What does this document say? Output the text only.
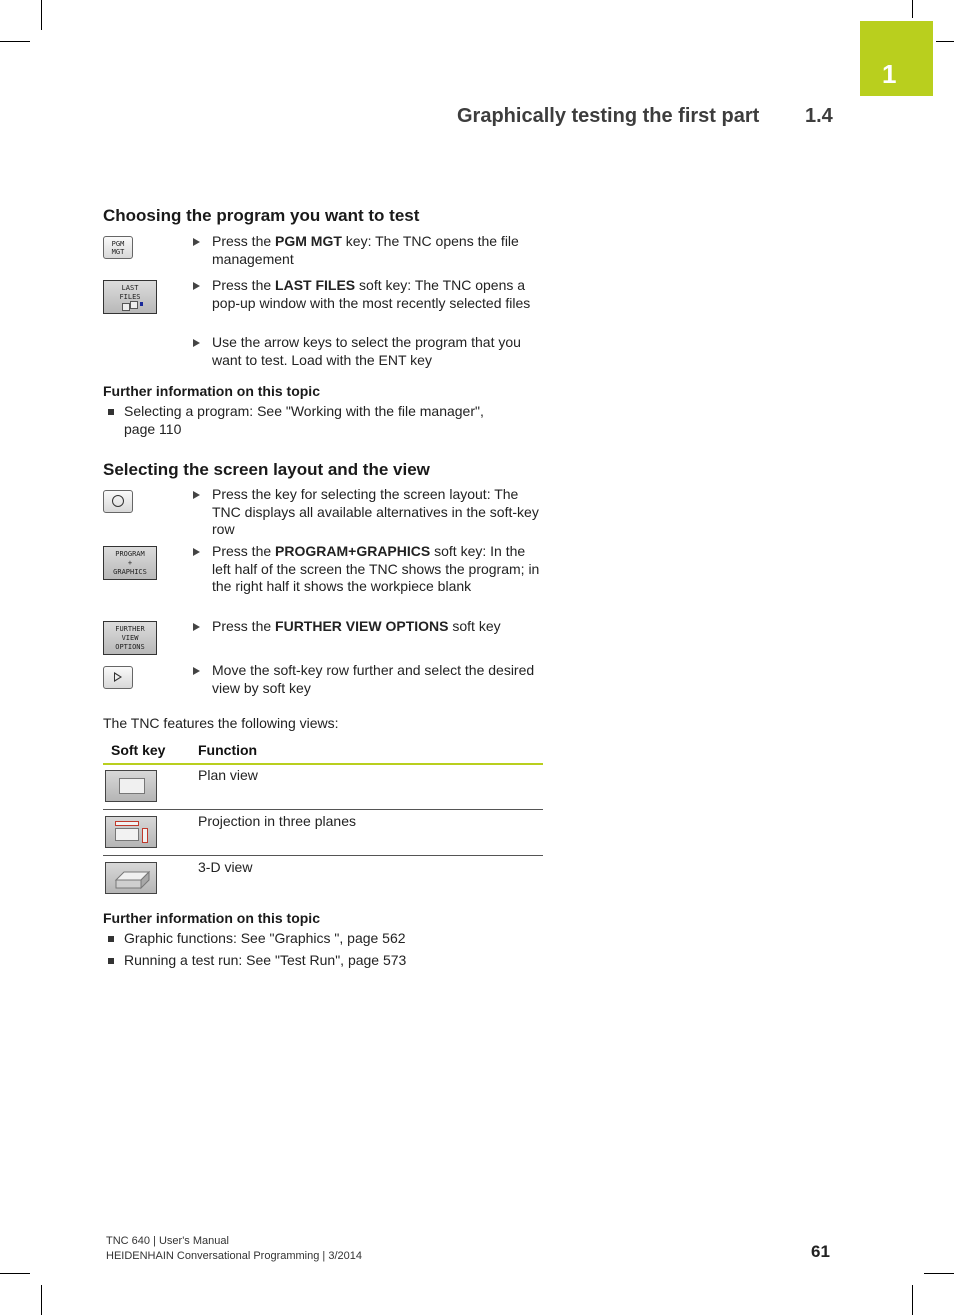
1
Graphically testing the first part 1.4
Choosing the program you want to test
PGM
MGT
Press the PGM MGT key: The TNC opens the file management
LAST
FILES
Press the LAST FILES soft key: The TNC opens a pop-up window with the most recently selected files
Use the arrow keys to select the program that you want to test. Load with the ENT key
Further information on this topic
Selecting a program: See "Working with the file manager", page 110
Selecting the screen layout and the view
Press the key for selecting the screen layout: The TNC displays all available alternatives in the soft-key row
PROGRAM
+
GRAPHICS
Press the PROGRAM+GRAPHICS soft key: In the left half of the screen the TNC shows the program; in the right half it shows the workpiece blank
FURTHER
VIEW
OPTIONS
Press the FURTHER VIEW OPTIONS soft key
Move the soft-key row further and select the desired view by soft key
The TNC features the following views:
Soft key Function
Plan view
Projection in three planes
3-D view
Further information on this topic
Graphic functions: See "Graphics ", page 562
Running a test run: See "Test Run", page 573
TNC 640 | User's Manual
HEIDENHAIN Conversational Programming | 3/2014	61
